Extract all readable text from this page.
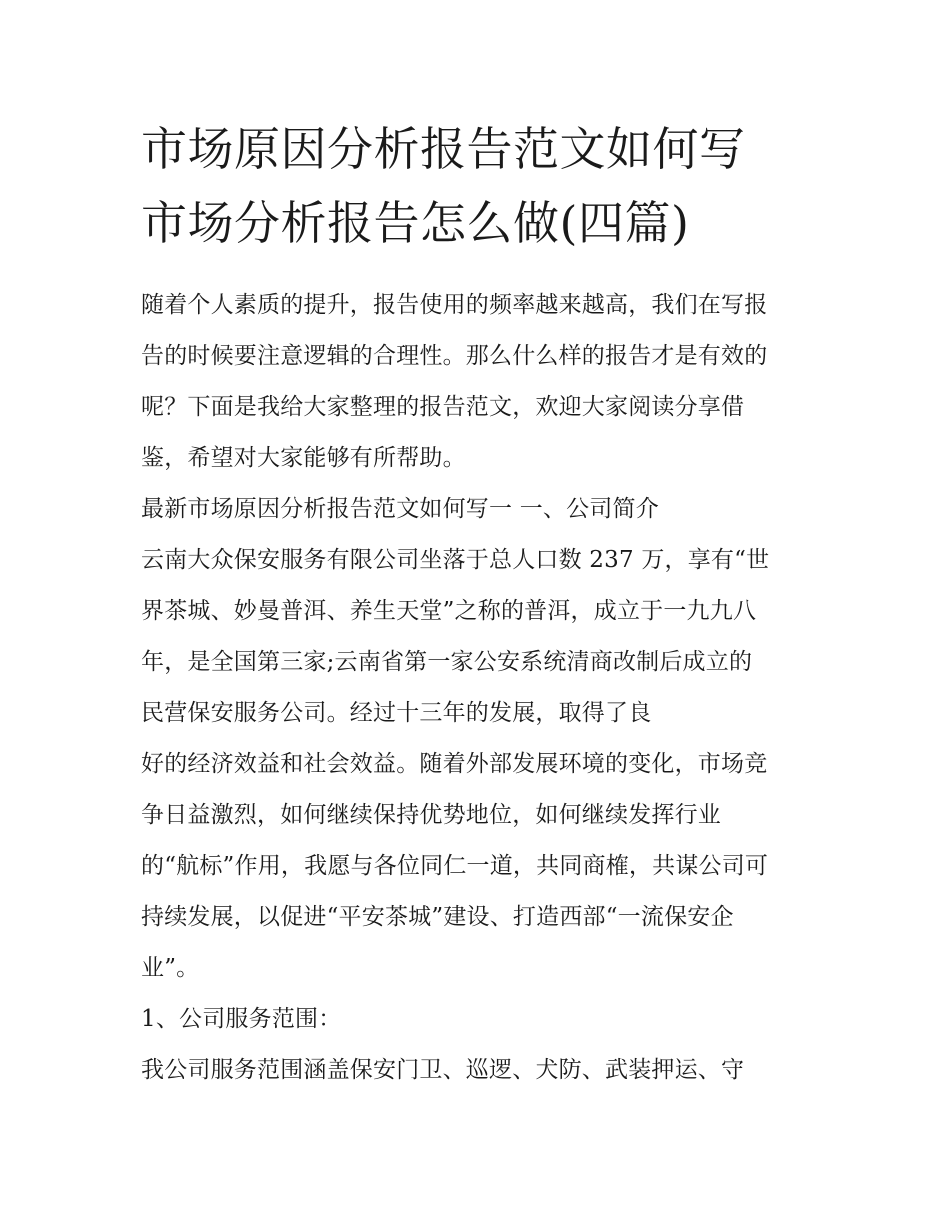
市场原因分析报告范文如何写
市场分析报告怎么做(四篇)
随着个人素质的提升，报告使用的频率越来越高，我们在写报
告的时候要注意逻辑的合理性。那么什么样的报告才是有效的
呢？下面是我给大家整理的报告范文，欢迎大家阅读分享借
鉴，希望对大家能够有所帮助。
最新市场原因分析报告范文如何写一 一、公司简介
云南大众保安服务有限公司坐落于总人口数 237 万，享有“世
界茶城、妙曼普洱、养生天堂”之称的普洱，成立于一九九八
年，是全国第三家;云南省第一家公安系统清商改制后成立的
民营保安服务公司。经过十三年的发展，取得了良
好的经济效益和社会效益。随着外部发展环境的变化，市场竞
争日益激烈，如何继续保持优势地位，如何继续发挥行业
的“航标”作用，我愿与各位同仁一道，共同商榷，共谋公司可
持续发展，以促进“平安茶城”建设、打造西部“一流保安企
业”。
1、公司服务范围：
我公司服务范围涵盖保安门卫、巡逻、犬防、武装押运、守
